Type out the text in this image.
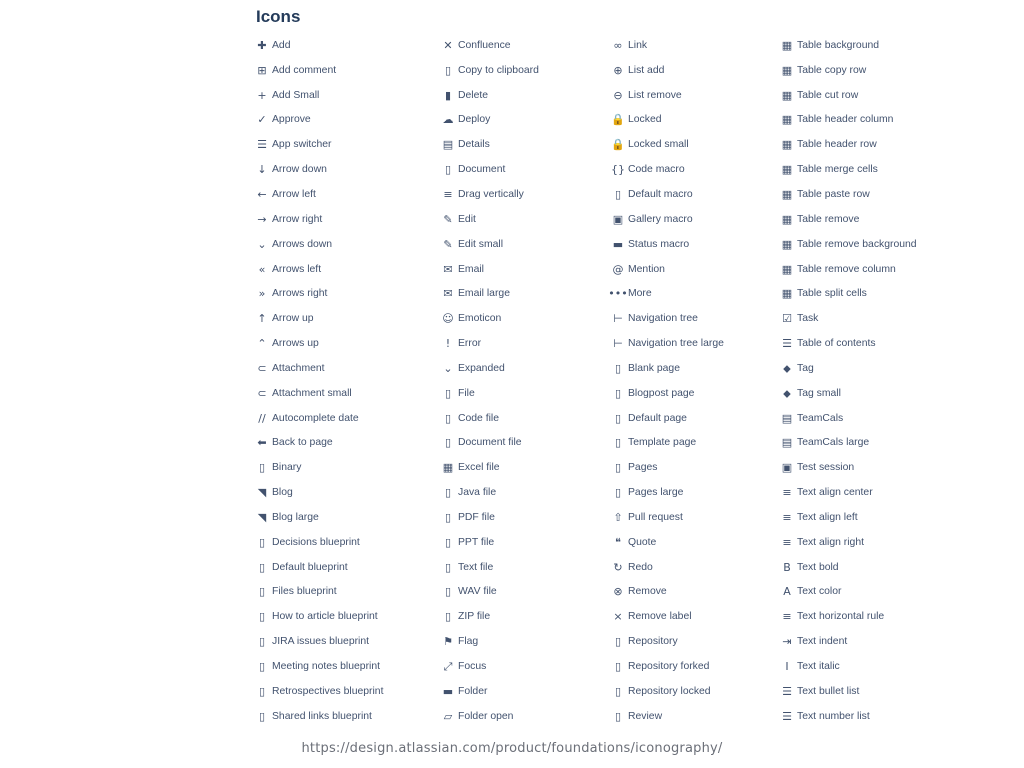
Icons
✚ Add
⊞ Add comment
+ Add Small
✓ Approve
☰ App switcher
↓ Arrow down
← Arrow left
→ Arrow right
⌄ Arrows down
« Arrows left
» Arrows right
↑ Arrow up
⌃ Arrows up
⊂ Attachment
⊂ Attachment small
// Autocomplete date
⬅ Back to page
▯ Binary
◥ Blog
◥ Blog large
▯ Decisions blueprint
▯ Default blueprint
▯ Files blueprint
▯ How to article blueprint
▯ JIRA issues blueprint
▯ Meeting notes blueprint
▯ Retrospectives blueprint
▯ Shared links blueprint
✕ Confluence
▯ Copy to clipboard
▮ Delete
☁ Deploy
▤ Details
▯ Document
≡ Drag vertically
✎ Edit
✎ Edit small
✉ Email
✉ Email large
☺ Emoticon
! Error
⌄ Expanded
▯ File
▯ Code file
▯ Document file
▦ Excel file
▯ Java file
▯ PDF file
▯ PPT file
▯ Text file
▯ WAV file
▯ ZIP file
⚑ Flag
⤢ Focus
▬ Folder
▱ Folder open
∞ Link
⊕ List add
⊖ List remove
🔒 Locked
🔒 Locked small
{} Code macro
▯ Default macro
▣ Gallery macro
▬ Status macro
@ Mention
••• More
⊢ Navigation tree
⊢ Navigation tree large
▯ Blank page
▯ Blogpost page
▯ Default page
▯ Template page
▯ Pages
▯ Pages large
⇧ Pull request
❝ Quote
↻ Redo
⊗ Remove
× Remove label
▯ Repository
▯ Repository forked
▯ Repository locked
▯ Review
▦ Table background
▦ Table copy row
▦ Table cut row
▦ Table header column
▦ Table header row
▦ Table merge cells
▦ Table paste row
▦ Table remove
▦ Table remove background
▦ Table remove column
▦ Table split cells
☑ Task
☰ Table of contents
⬥ Tag
⬥ Tag small
▤ TeamCals
▤ TeamCals large
▣ Test session
≡ Text align center
≡ Text align left
≡ Text align right
B Text bold
A Text color
≡ Text horizontal rule
⇥ Text indent
I Text italic
☰ Text bullet list
☰ Text number list
https://design.atlassian.com/product/foundations/iconography/
